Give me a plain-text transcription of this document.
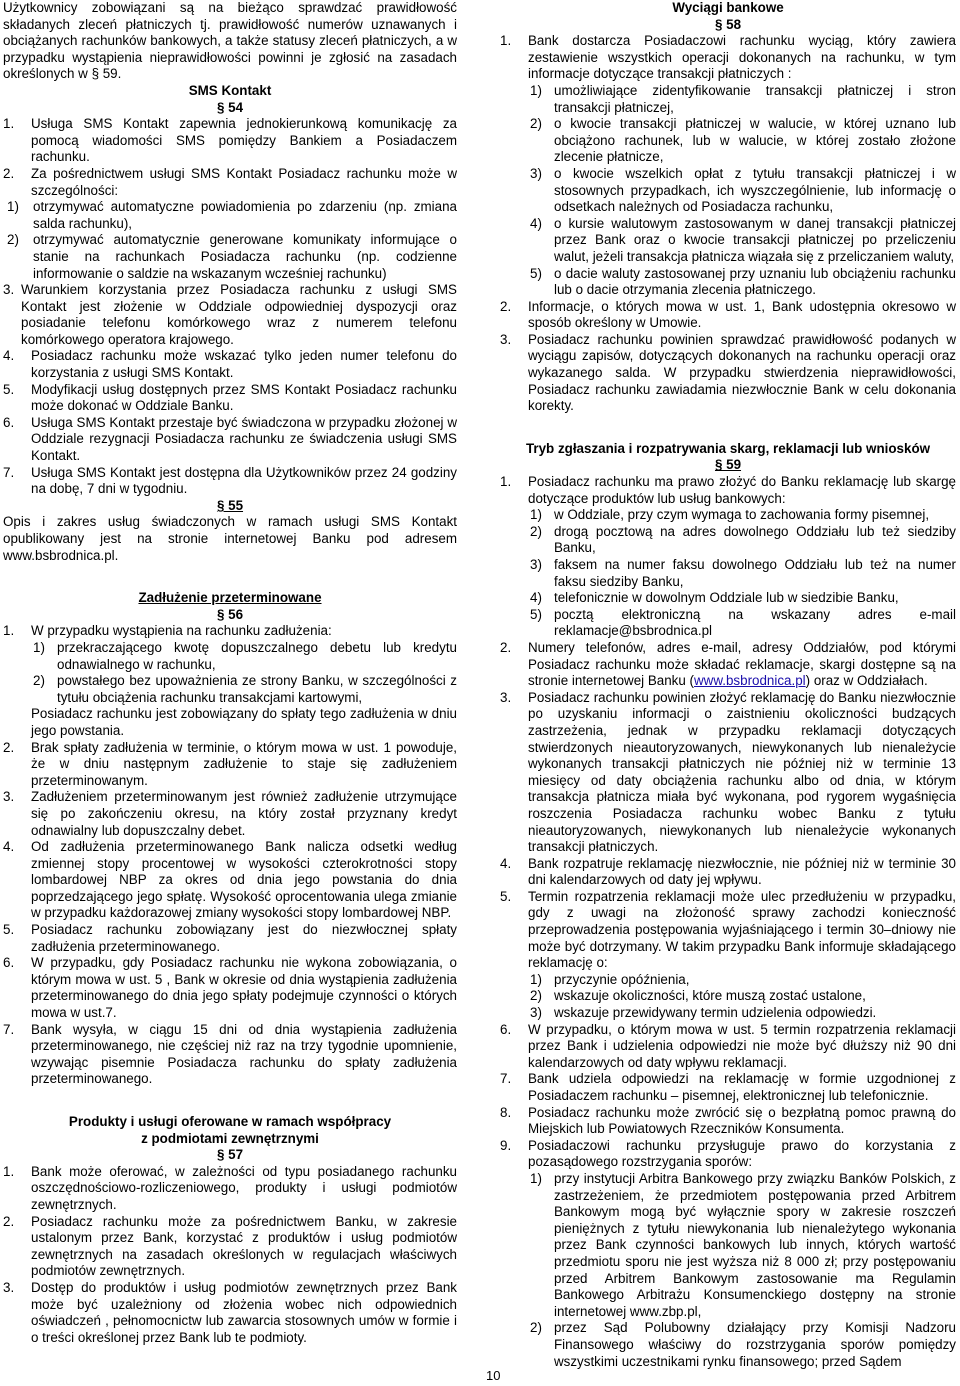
Użytkownicy zobowiązani są na bieżąco sprawdzać prawidłowość składanych zleceń płatniczych tj. prawidłowość numerów uznawanych i obciążanych rachunków bankowych, a także statusy zleceń płatniczych, a w przypadku wystąpienia nieprawidłowości powinni je zgłosić na zasadach określonych w § 59.

SMS Kontakt

§ 54

1. Usługa SMS Kontakt zapewnia jednokierunkową komunikację za pomocą wiadomości SMS pomiędzy Bankiem a Posiadaczem rachunku.
2. Za pośrednictwem usługi SMS Kontakt Posiadacz rachunku może w szczególności:
1) otrzymywać automatyczne powiadomienia po zdarzeniu (np. zmiana salda rachunku),
2) otrzymywać automatycznie generowane komunikaty informujące o stanie na rachunkach Posiadacza rachunku (np. codzienne informowanie o saldzie na wskazanym wcześniej rachunku)
3. Warunkiem korzystania przez Posiadacza rachunku z usługi SMS Kontakt jest złożenie w Oddziale odpowiedniej dyspozycji oraz posiadanie telefonu komórkowego wraz z numerem telefonu komórkowego operatora krajowego.
4. Posiadacz rachunku może wskazać tylko jeden numer telefonu do korzystania z usługi SMS Kontakt.
5. Modyfikacji usług dostępnych przez SMS Kontakt Posiadacz rachunku może dokonać w Oddziale Banku.
6. Usługa SMS Kontakt przestaje być świadczona w przypadku złożonej w Oddziale rezygnacji Posiadacza rachunku ze świadczenia usługi SMS Kontakt.
7. Usługa SMS Kontakt jest dostępna dla Użytkowników przez 24 godziny na dobę, 7 dni w tygodniu.

§ 55

Opis i zakres usług świadczonych w ramach usługi SMS Kontakt opublikowany jest na stronie internetowej Banku pod adresem www.bsbrodnica.pl.

Zadłużenie przeterminowane

§ 56

1. W przypadku wystąpienia na rachunku zadłużenia:
1) przekraczającego kwotę dopuszczalnego debetu lub kredytu odnawialnego w rachunku,
2) powstałego bez upoważnienia ze strony Banku, w szczególności z tytułu obciążenia rachunku transakcjami kartowymi,

Posiadacz rachunku jest zobowiązany do spłaty tego zadłużenia w dniu jego powstania.

2. Brak spłaty zadłużenia w terminie, o którym mowa w ust. 1 powoduje, że w dniu następnym zadłużenie to staje się zadłużeniem przeterminowanym.
3. Zadłużeniem przeterminowanym jest również zadłużenie utrzymujące się po zakończeniu okresu, na który został przyznany kredyt odnawialny lub dopuszczalny debet.
4. Od zadłużenia przeterminowanego Bank nalicza odsetki według zmiennej stopy procentowej w wysokości czterokrotności stopy lombardowej NBP za okres od dnia jego powstania do dnia poprzedzającego jego spłatę. Wysokość oprocentowania ulega zmianie w przypadku każdorazowej zmiany wysokości stopy lombardowej NBP.
5. Posiadacz rachunku zobowiązany jest do niezwłocznej spłaty zadłużenia przeterminowanego.
6. W przypadku, gdy Posiadacz rachunku nie wykona zobowiązania, o którym mowa w ust. 5 , Bank w okresie od dnia wystąpienia zadłużenia przeterminowanego do dnia jego spłaty podejmuje czynności o których mowa w ust.7.
7. Bank wysyła, w ciągu 15 dni od dnia wystąpienia zadłużenia przeterminowanego, nie częściej niż raz na trzy tygodnie upomnienie, wzywając pisemnie Posiadacza rachunku do spłaty zadłużenia przeterminowanego.

Produkty i usługi oferowane w ramach współpracy

z podmiotami zewnętrznymi

§ 57

1. Bank może oferować, w zależności od typu posiadanego rachunku oszczędnościowo-rozliczeniowego, produkty i usługi podmiotów zewnętrznych.
2. Posiadacz rachunku może za pośrednictwem Banku, w zakresie ustalonym przez Bank, korzystać z produktów i usług podmiotów zewnętrznych na zasadach określonych w regulacjach właściwych podmiotów zewnętrznych.
3. Dostęp do produktów i usług podmiotów zewnętrznych przez Bank może być uzależniony od złożenia wobec nich odpowiednich oświadczeń , pełnomocnictw lub zawarcia stosownych umów w formie i o treści określonej przez Bank lub te podmioty.

Wyciągi bankowe

§ 58

1. Bank dostarcza Posiadaczowi rachunku wyciąg, który zawiera zestawienie wszystkich operacji dokonanych na rachunku, w tym informacje dotyczące transakcji płatniczych :
1) umożliwiające zidentyfikowanie transakcji płatniczej i stron transakcji płatniczej,
2) o kwocie transakcji płatniczej w walucie, w której uznano lub obciążono rachunek, lub w walucie, w której zostało złożone zlecenie płatnicze,
3) o kwocie wszelkich opłat z tytułu transakcji płatniczej i w stosownych przypadkach, ich wyszczególnienie, lub informację o odsetkach należnych od Posiadacza rachunku,
4) o kursie walutowym zastosowanym w danej transakcji płatniczej przez Bank oraz o kwocie transakcji płatniczej po przeliczeniu walut, jeżeli transakcja płatnicza wiązała się z przeliczaniem waluty,
5) o dacie waluty zastosowanej przy uznaniu lub obciążeniu rachunku lub o dacie otrzymania zlecenia płatniczego.
2. Informacje, o których mowa w ust. 1, Bank udostępnia okresowo w sposób określony w Umowie.
3. Posiadacz rachunku powinien sprawdzać prawidłowość podanych w wyciągu zapisów, dotyczących dokonanych na rachunku operacji oraz wykazanego salda. W przypadku stwierdzenia nieprawidłowości, Posiadacz rachunku zawiadamia niezwłocznie Bank w celu dokonania korekty.

Tryb zgłaszania i rozpatrywania skarg, reklamacji lub wniosków

§ 59

1. Posiadacz rachunku ma prawo złożyć do Banku reklamację lub skargę dotyczące produktów lub usług bankowych:
1) w Oddziale, przy czym wymaga to zachowania formy pisemnej,
2) drogą pocztową na adres dowolnego Oddziału lub też siedziby Banku,
3) faksem na numer faksu dowolnego Oddziału lub też na numer faksu siedziby Banku,
4) telefonicznie w dowolnym Oddziale lub w siedzibie Banku,
5) pocztą elektroniczną na wskazany adres e-mail reklamacje@bsbrodnica.pl
2. Numery telefonów, adres e-mail, adresy Oddziałów, pod którymi Posiadacz rachunku może składać reklamacje, skargi dostępne są na stronie internetowej Banku (www.bsbrodnica.pl) oraz w Oddziałach.
3. Posiadacz rachunku powinien złożyć reklamację do Banku niezwłocznie po uzyskaniu informacji o zaistnieniu okoliczności budzących zastrzeżenia, jednak w przypadku reklamacji dotyczących stwierdzonych nieautoryzowanych, niewykonanych lub nienależycie wykonanych transakcji płatniczych nie później niż w terminie 13 miesięcy od daty obciążenia rachunku albo od dnia, w którym transakcja płatnicza miała być wykonana, pod rygorem wygaśnięcia roszczenia Posiadacza rachunku wobec Banku z tytułu nieautoryzowanych, niewykonanych lub nienależycie wykonanych transakcji płatniczych.
4. Bank rozpatruje reklamację niezwłocznie, nie później niż w terminie 30 dni kalendarzowych od daty jej wpływu.
5. Termin rozpatrzenia reklamacji może ulec przedłużeniu w przypadku, gdy z uwagi na złożoność sprawy zachodzi konieczność przeprowadzenia postępowania wyjaśniającego i termin 30–dniowy nie może być dotrzymany. W takim przypadku Bank informuje składającego reklamację o:
1) przyczynie opóźnienia,
2) wskazuje okoliczności, które muszą zostać ustalone,
3) wskazuje przewidywany termin udzielenia odpowiedzi.
6. W przypadku, o którym mowa w ust. 5 termin rozpatrzenia reklamacji przez Bank i udzielenia odpowiedzi nie może być dłuższy niż 90 dni kalendarzowych od daty wpływu reklamacji.
7. Bank udziela odpowiedzi na reklamację w formie uzgodnionej z Posiadaczem rachunku – pisemnej, elektronicznej lub telefonicznie.
8. Posiadacz rachunku może zwrócić się o bezpłatną pomoc prawną do Miejskich lub Powiatowych Rzeczników Konsumenta.
9. Posiadaczowi rachunku przysługuje prawo do korzystania z pozasądowego rozstrzygania sporów:
1) przy instytucji Arbitra Bankowego przy związku Banków Polskich, z zastrzeżeniem, że przedmiotem postępowania przed Arbitrem Bankowym mogą być wyłącznie spory w zakresie roszczeń pieniężnych z tytułu niewykonania lub nienależytego wykonania przez Bank czynności bankowych lub innych, których wartość przedmiotu sporu nie jest wyższa niż 8 000 zł; przy postępowaniu przed Arbitrem Bankowym zastosowanie ma Regulamin Bankowego Arbitrażu Konsumenckiego dostępny na stronie internetowej www.zbp.pl,
2) przez Sąd Polubowny działający przy Komisji Nadzoru Finansowego właściwy do rozstrzygania sporów pomiędzy wszystkimi uczestnikami rynku finansowego; przed Sądem
10
